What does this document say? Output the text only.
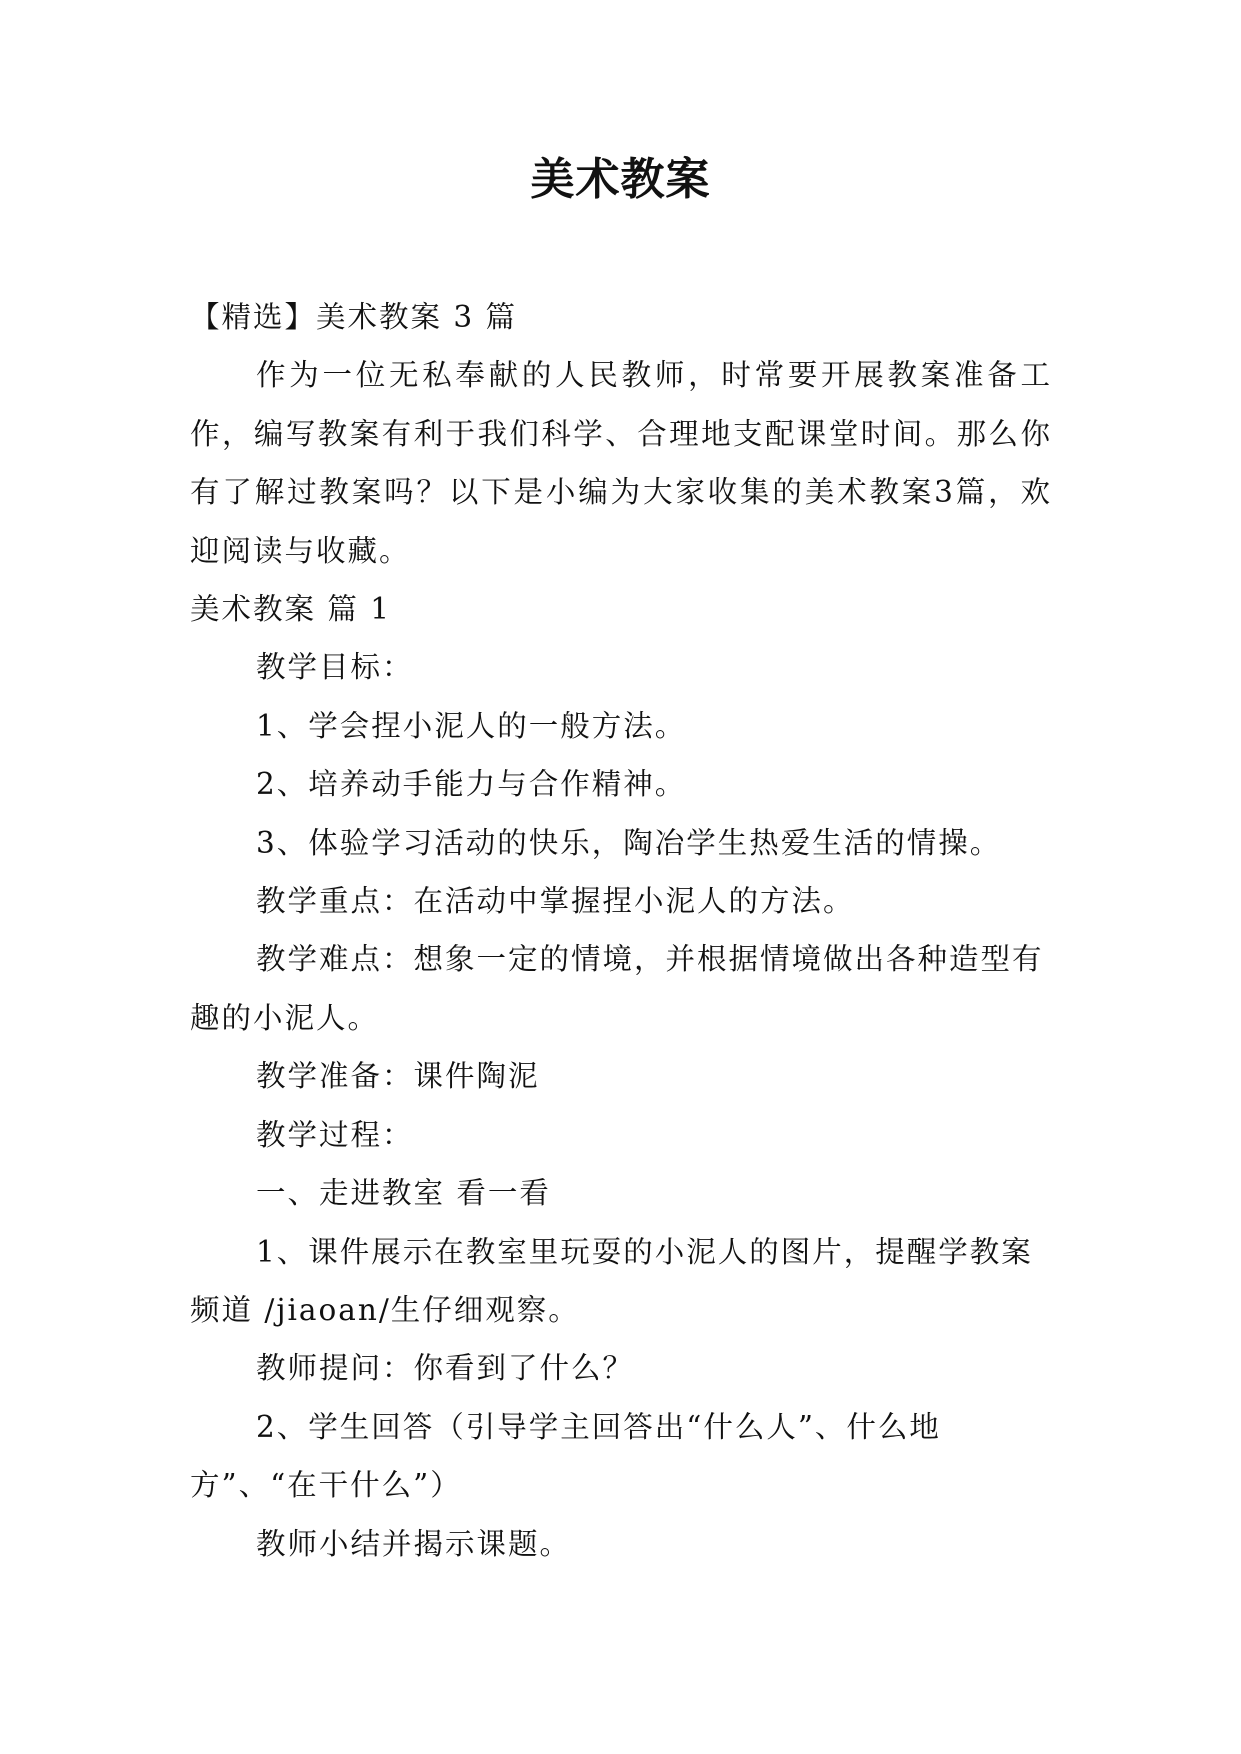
美术教案

【精选】美术教案 3 篇

作为一位无私奉献的人民教师，时常要开展教案准备工作，编写教案有利于我们科学、合理地支配课堂时间。那么你有了解过教案吗？以下是小编为大家收集的美术教案3篇，欢迎阅读与收藏。

美术教案 篇 1

教学目标：

1、学会捏小泥人的一般方法。

2、培养动手能力与合作精神。

3、体验学习活动的快乐，陶冶学生热爱生活的情操。

教学重点：在活动中掌握捏小泥人的方法。

教学难点：想象一定的情境，并根据情境做出各种造型有趣的小泥人。

教学准备：课件陶泥

教学过程：

一、走进教室 看一看

1、课件展示在教室里玩耍的小泥人的图片，提醒学教案频道 /jiaoan/生仔细观察。

教师提问：你看到了什么？

2、学生回答（引导学主回答出“什么人”、什么地方”、“在干什么”）

教师小结并揭示课题。
